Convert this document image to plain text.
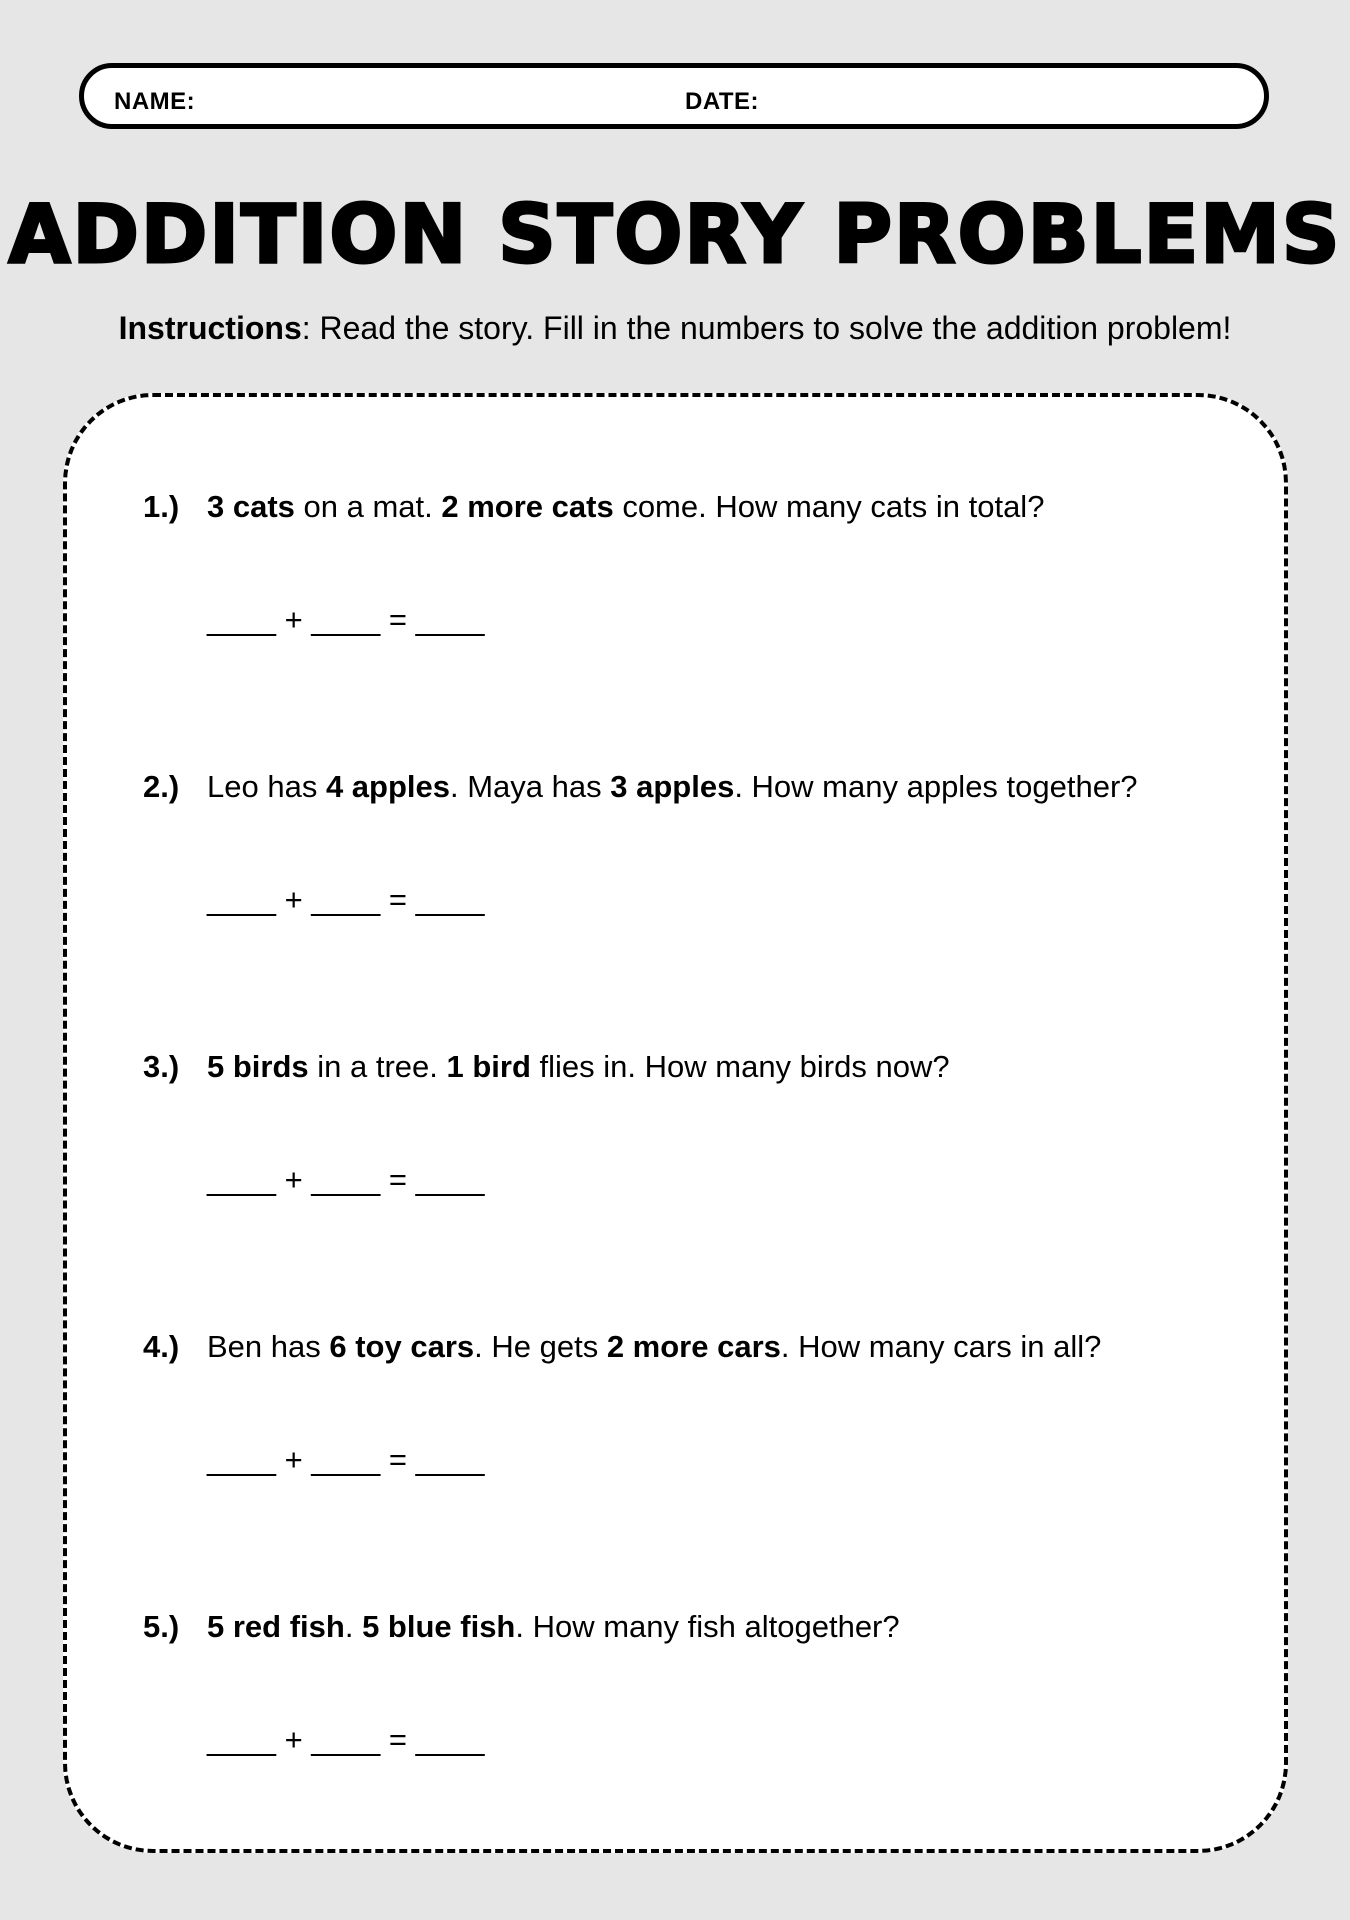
NAME:	DATE:
ADDITION STORY PROBLEMS
Instructions: Read the story. Fill in the numbers to solve the addition problem!
1.) 3 cats on a mat. 2 more cats come. How many cats in total?
____ + ____ = ____
2.) Leo has 4 apples. Maya has 3 apples. How many apples together?
____ + ____ = ____
3.) 5 birds in a tree. 1 bird flies in. How many birds now?
____ + ____ = ____
4.) Ben has 6 toy cars. He gets 2 more cars. How many cars in all?
____ + ____ = ____
5.) 5 red fish. 5 blue fish. How many fish altogether?
____ + ____ = ____
